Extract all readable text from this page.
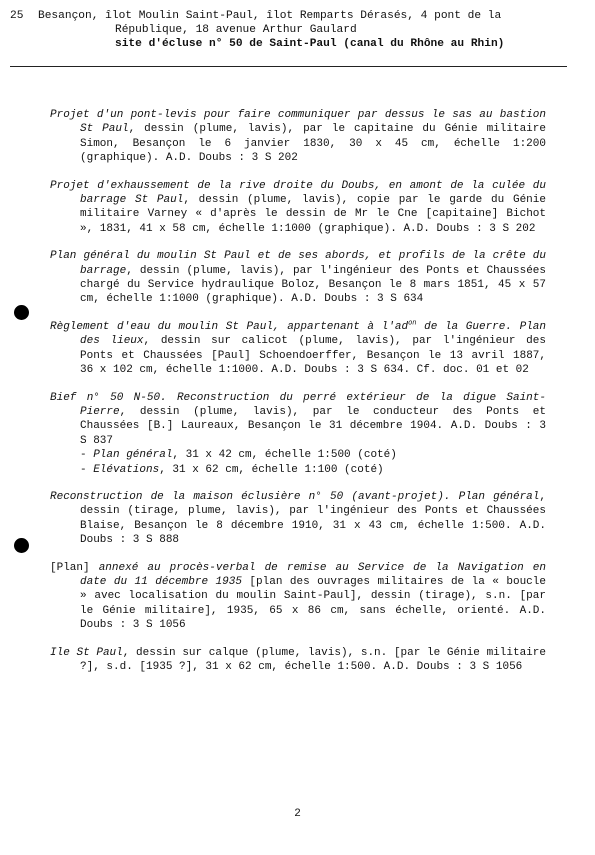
25 Besançon, îlot Moulin Saint-Paul, îlot Remparts Dérasés, 4 pont de la
République, 18 avenue Arthur Gaulard
site d'écluse n° 50 de Saint-Paul (canal du Rhône au Rhin)
Projet d'un pont-levis pour faire communiquer par dessus le sas au bastion St Paul, dessin (plume, lavis), par le capitaine du Génie militaire Simon, Besançon le 6 janvier 1830, 30 x 45 cm, échelle 1:200 (graphique). A.D. Doubs : 3 S 202
Projet d'exhaussement de la rive droite du Doubs, en amont de la culée du barrage St Paul, dessin (plume, lavis), copie par le garde du Génie militaire Varney « d'après le dessin de Mr le Cne [capitaine] Bichot », 1831, 41 x 58 cm, échelle 1:1000 (graphique). A.D. Doubs : 3 S 202
Plan général du moulin St Paul et de ses abords, et profils de la crête du barrage, dessin (plume, lavis), par l'ingénieur des Ponts et Chaussées chargé du Service hydraulique Boloz, Besançon le 8 mars 1851, 45 x 57 cm, échelle 1:1000 (graphique). A.D. Doubs : 3 S 634
Règlement d'eau du moulin St Paul, appartenant à $l'ad^{on}$ de la Guerre. Plan des lieux, dessin sur calicot (plume, lavis), par l'ingénieur des Ponts et Chaussées [Paul] Schoendoerffer, Besançon le 13 avril 1887, 36 x 102 cm, échelle 1:1000. A.D. Doubs : 3 S 634. Cf. doc. 01 et 02
Bief n° 50 N-50. Reconstruction du perré extérieur de la digue Saint-Pierre, dessin (plume, lavis), par le conducteur des Ponts et Chaussées [B.] Laureaux, Besançon le 31 décembre 1904. A.D. Doubs : 3 S 837
- Plan général, 31 x 42 cm, échelle 1:500 (coté)
- Elévations, 31 x 62 cm, échelle 1:100 (coté)
Reconstruction de la maison éclusière n° 50 (avant-projet). Plan général, dessin (tirage, plume, lavis), par l'ingénieur des Ponts et Chaussées Blaise, Besançon le 8 décembre 1910, 31 x 43 cm, échelle 1:500. A.D. Doubs : 3 S 888
[Plan] annexé au procès-verbal de remise au Service de la Navigation en date du 11 décembre 1935 [plan des ouvrages militaires de la « boucle » avec localisation du moulin Saint-Paul], dessin (tirage), s.n. [par le Génie militaire], 1935, 65 x 86 cm, sans échelle, orienté. A.D. Doubs : 3 S 1056
Ile St Paul, dessin sur calque (plume, lavis), s.n. [par le Génie militaire ?], s.d. [1935 ?], 31 x 62 cm, échelle 1:500. A.D. Doubs : 3 S 1056
2
